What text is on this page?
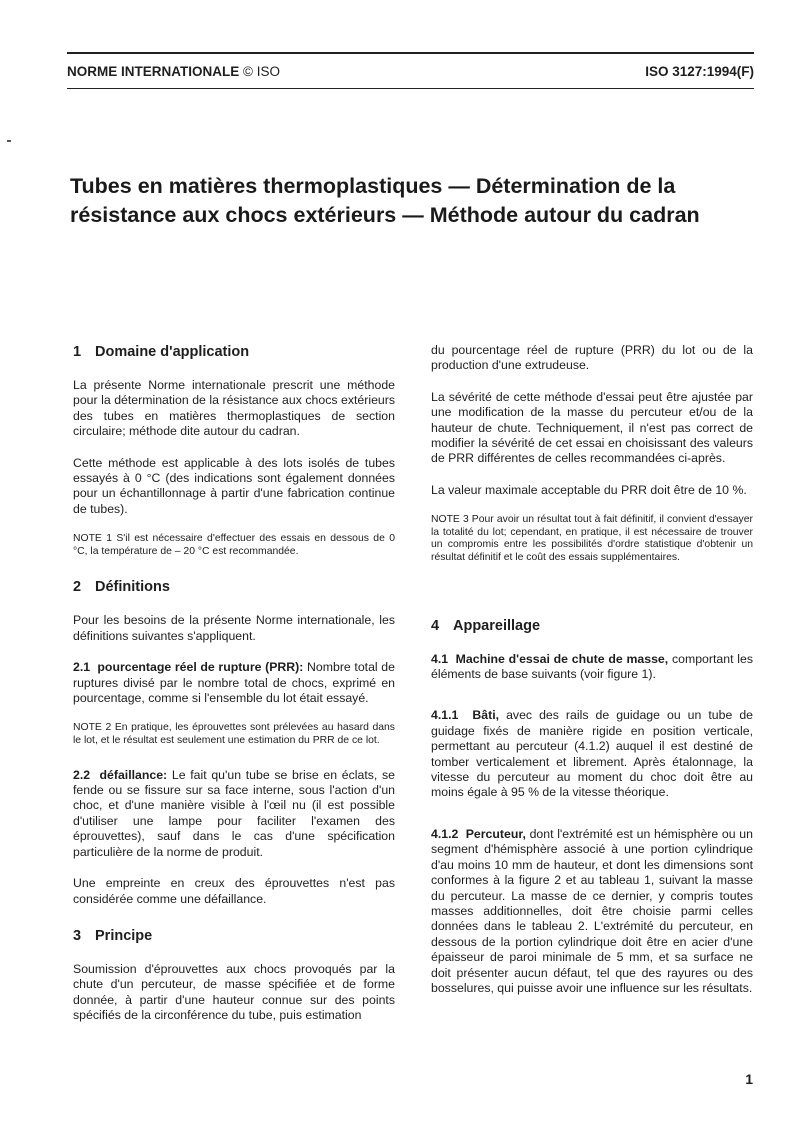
NORME INTERNATIONALE © ISO	ISO 3127:1994(F)
Tubes en matières thermoplastiques — Détermination de la résistance aux chocs extérieurs — Méthode autour du cadran
1 Domaine d'application

La présente Norme internationale prescrit une méthode pour la détermination de la résistance aux chocs extérieurs des tubes en matières thermoplastiques de section circulaire; méthode dite autour du cadran.

Cette méthode est applicable à des lots isolés de tubes essayés à 0 °C (des indications sont également données pour un échantillonnage à partir d'une fabrication continue de tubes).

NOTE 1 S'il est nécessaire d'effectuer des essais en dessous de 0 °C, la température de – 20 °C est recommandée.

2 Définitions

Pour les besoins de la présente Norme internationale, les définitions suivantes s'appliquent.

2.1 pourcentage réel de rupture (PRR): Nombre total de ruptures divisé par le nombre total de chocs, exprimé en pourcentage, comme si l'ensemble du lot était essayé.

NOTE 2 En pratique, les éprouvettes sont prélevées au hasard dans le lot, et le résultat est seulement une estimation du PRR de ce lot.

2.2 défaillance: Le fait qu'un tube se brise en éclats, se fende ou se fissure sur sa face interne, sous l'action d'un choc, et d'une manière visible à l'œil nu (il est possible d'utiliser une lampe pour faciliter l'examen des éprouvettes), sauf dans le cas d'une spécification particulière de la norme de produit.

Une empreinte en creux des éprouvettes n'est pas considérée comme une défaillance.

3 Principe

Soumission d'éprouvettes aux chocs provoqués par la chute d'un percuteur, de masse spécifiée et de forme donnée, à partir d'une hauteur connue sur des points spécifiés de la circonférence du tube, puis estimation

du pourcentage réel de rupture (PRR) du lot ou de la production d'une extrudeuse.

La sévérité de cette méthode d'essai peut être ajustée par une modification de la masse du percuteur et/ou de la hauteur de chute. Techniquement, il n'est pas correct de modifier la sévérité de cet essai en choisissant des valeurs de PRR différentes de celles recommandées ci-après.

La valeur maximale acceptable du PRR doit être de 10 %.

NOTE 3 Pour avoir un résultat tout à fait définitif, il convient d'essayer la totalité du lot; cependant, en pratique, il est nécessaire de trouver un compromis entre les possibilités d'ordre statistique d'obtenir un résultat définitif et le coût des essais supplémentaires.

4 Appareillage

4.1 Machine d'essai de chute de masse, comportant les éléments de base suivants (voir figure 1).

4.1.1 Bâti, avec des rails de guidage ou un tube de guidage fixés de manière rigide en position verticale, permettant au percuteur (4.1.2) auquel il est destiné de tomber verticalement et librement. Après étalonnage, la vitesse du percuteur au moment du choc doit être au moins égale à 95 % de la vitesse théorique.

4.1.2 Percuteur, dont l'extrémité est un hémisphère ou un segment d'hémisphère associé à une portion cylindrique d'au moins 10 mm de hauteur, et dont les dimensions sont conformes à la figure 2 et au tableau 1, suivant la masse du percuteur. La masse de ce dernier, y compris toutes masses additionnelles, doit être choisie parmi celles données dans le tableau 2. L'extrémité du percuteur, en dessous de la portion cylindrique doit être en acier d'une épaisseur de paroi minimale de 5 mm, et sa surface ne doit présenter aucun défaut, tel que des rayures ou des bosselures, qui puisse avoir une influence sur les résultats.

1
